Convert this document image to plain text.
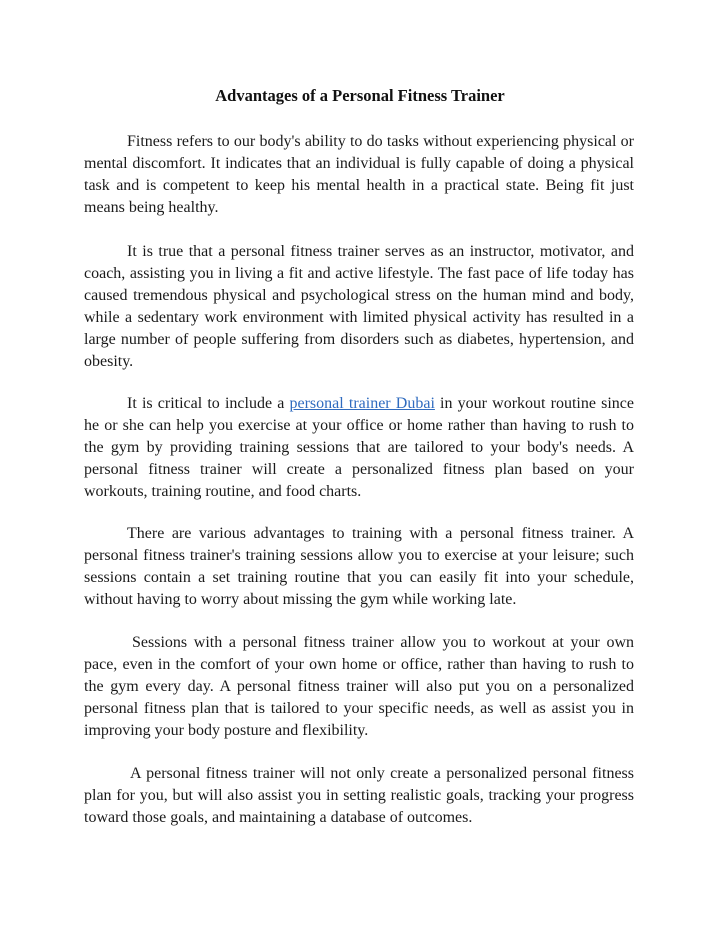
Advantages of a Personal Fitness Trainer

Fitness refers to our body's ability to do tasks without experiencing physical or mental discomfort. It indicates that an individual is fully capable of doing a physical task and is competent to keep his mental health in a practical state. Being fit just means being healthy.

It is true that a personal fitness trainer serves as an instructor, motivator, and coach, assisting you in living a fit and active lifestyle. The fast pace of life today has caused tremendous physical and psychological stress on the human mind and body, while a sedentary work environment with limited physical activity has resulted in a large number of people suffering from disorders such as diabetes, hypertension, and obesity.

It is critical to include a personal trainer Dubai in your workout routine since he or she can help you exercise at your office or home rather than having to rush to the gym by providing training sessions that are tailored to your body's needs. A personal fitness trainer will create a personalized fitness plan based on your workouts, training routine, and food charts.

There are various advantages to training with a personal fitness trainer. A personal fitness trainer's training sessions allow you to exercise at your leisure; such sessions contain a set training routine that you can easily fit into your schedule, without having to worry about missing the gym while working late.

Sessions with a personal fitness trainer allow you to workout at your own pace, even in the comfort of your own home or office, rather than having to rush to the gym every day. A personal fitness trainer will also put you on a personalized personal fitness plan that is tailored to your specific needs, as well as assist you in improving your body posture and flexibility.

A personal fitness trainer will not only create a personalized personal fitness plan for you, but will also assist you in setting realistic goals, tracking your progress toward those goals, and maintaining a database of outcomes.
